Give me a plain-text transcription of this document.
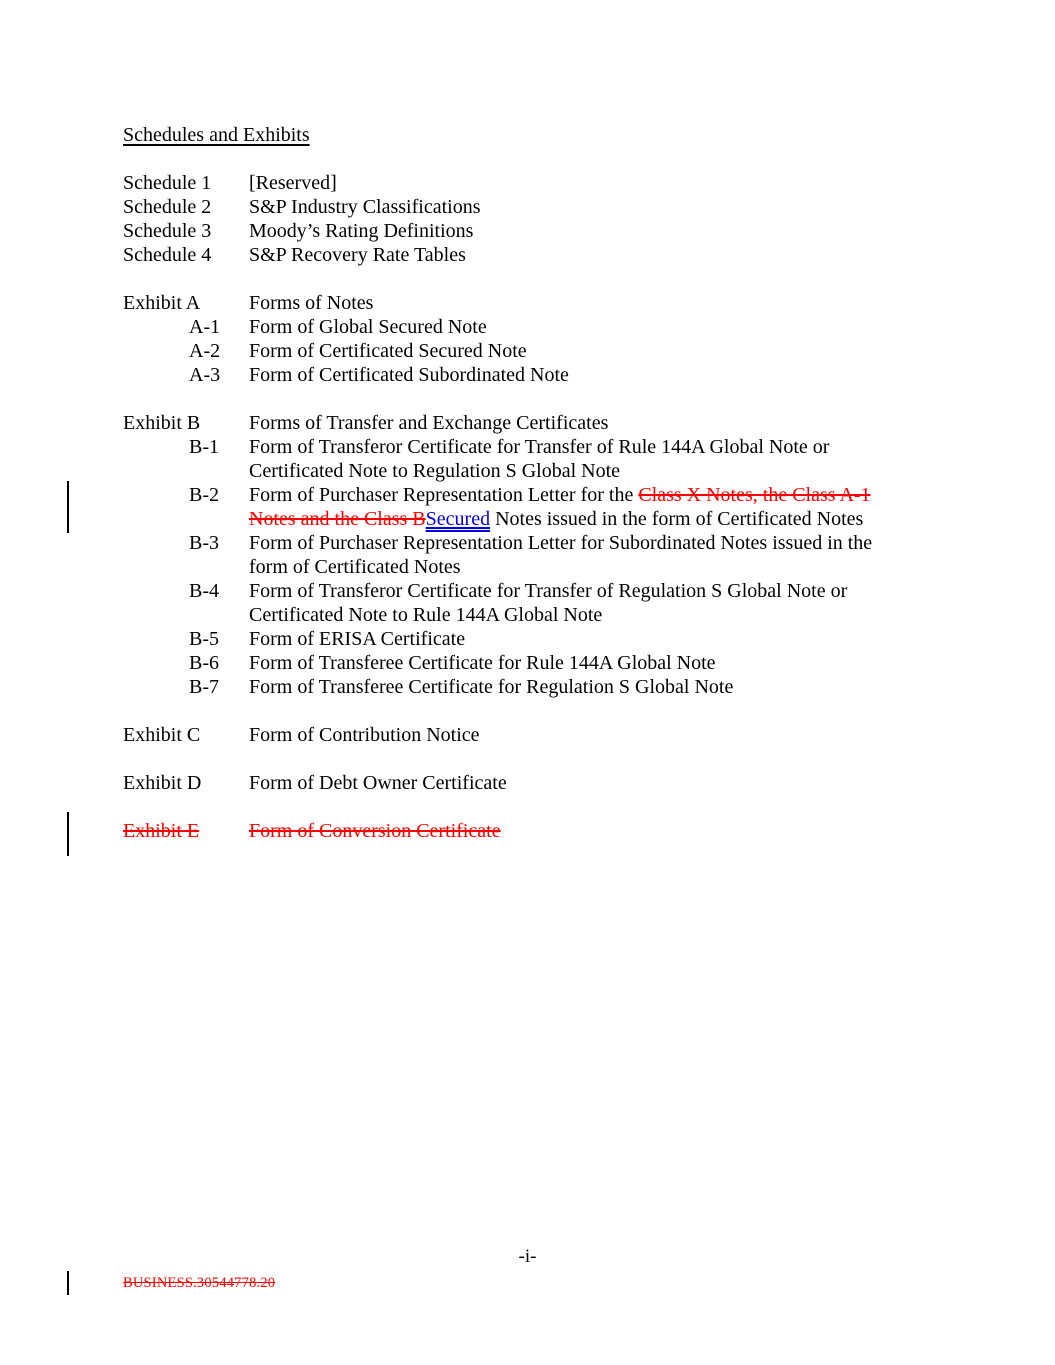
Schedules and Exhibits
Schedule 1	[Reserved]
Schedule 2	S&P Industry Classifications
Schedule 3	Moody’s Rating Definitions
Schedule 4	S&P Recovery Rate Tables
Exhibit A	Forms of Notes
A-1	Form of Global Secured Note
A-2	Form of Certificated Secured Note
A-3	Form of Certificated Subordinated Note
Exhibit B	Forms of Transfer and Exchange Certificates
B-1	Form of Transferor Certificate for Transfer of Rule 144A Global Note or Certificated Note to Regulation S Global Note
B-2	Form of Purchaser Representation Letter for the Class X Notes, the Class A-1 Notes and the Class BSecured Notes issued in the form of Certificated Notes
B-3	Form of Purchaser Representation Letter for Subordinated Notes issued in the form of Certificated Notes
B-4	Form of Transferor Certificate for Transfer of Regulation S Global Note or Certificated Note to Rule 144A Global Note
B-5	Form of ERISA Certificate
B-6	Form of Transferee Certificate for Rule 144A Global Note
B-7	Form of Transferee Certificate for Regulation S Global Note
Exhibit C	Form of Contribution Notice
Exhibit D	Form of Debt Owner Certificate
Exhibit E	Form of Conversion Certificate
-i-
BUSINESS.30544778.20
